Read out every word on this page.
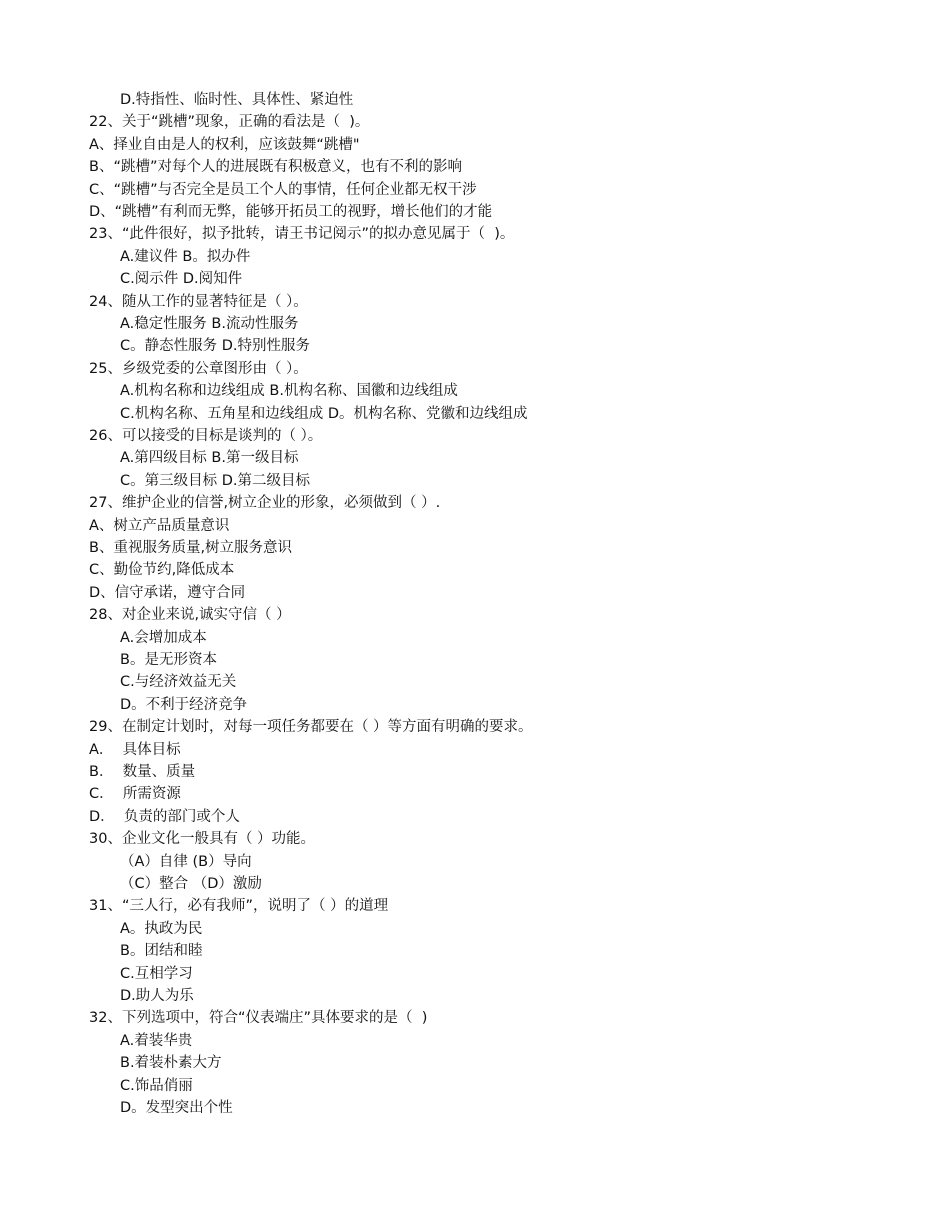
D.特指性、临时性、具体性、紧迫性
22、关于“跳槽”现象，正确的看法是（  )。
A、择业自由是人的权利，应该鼓舞“跳槽"
B、“跳槽”对每个人的进展既有积极意义，也有不利的影响
C、“跳槽”与否完全是员工个人的事情，任何企业都无权干涉
D、“跳槽”有利而无弊，能够开拓员工的视野，增长他们的才能
23、“此件很好，拟予批转，请王书记阅示”的拟办意见属于（  )。
A.建议件 B。拟办件
C.阅示件 D.阅知件
24、随从工作的显著特征是（ ）。
A.稳定性服务 B.流动性服务
C。静态性服务 D.特别性服务
25、乡级党委的公章图形由（ ）。
A.机构名称和边线组成 B.机构名称、国徽和边线组成
C.机构名称、五角星和边线组成 D。机构名称、党徽和边线组成
26、可以接受的目标是谈判的（ ）。
A.第四级目标 B.第一级目标
C。第三级目标 D.第二级目标
27、维护企业的信誉,树立企业的形象，必须做到（ ）.
A、树立产品质量意识
B、重视服务质量,树立服务意识
C、勤俭节约,降低成本
D、信守承诺，遵守合同
28、对企业来说,诚实守信（ ）
A.会增加成本
B。是无形资本
C.与经济效益无关
D。不利于经济竞争
29、在制定计划时，对每一项任务都要在（ ）等方面有明确的要求。
A．  具体目标
B．  数量、质量
C．  所需资源
D．  负责的部门或个人
30、企业文化一般具有（ ）功能。
（A）自律 (B）导向
（C）整合 （D）激励
31、“三人行，必有我师”，说明了（ ）的道理
A。执政为民
B。团结和睦
C.互相学习
D.助人为乐
32、下列选项中，符合“仪表端庄”具体要求的是（  )
A.着装华贵
B.着装朴素大方
C.饰品俏丽
D。发型突出个性
